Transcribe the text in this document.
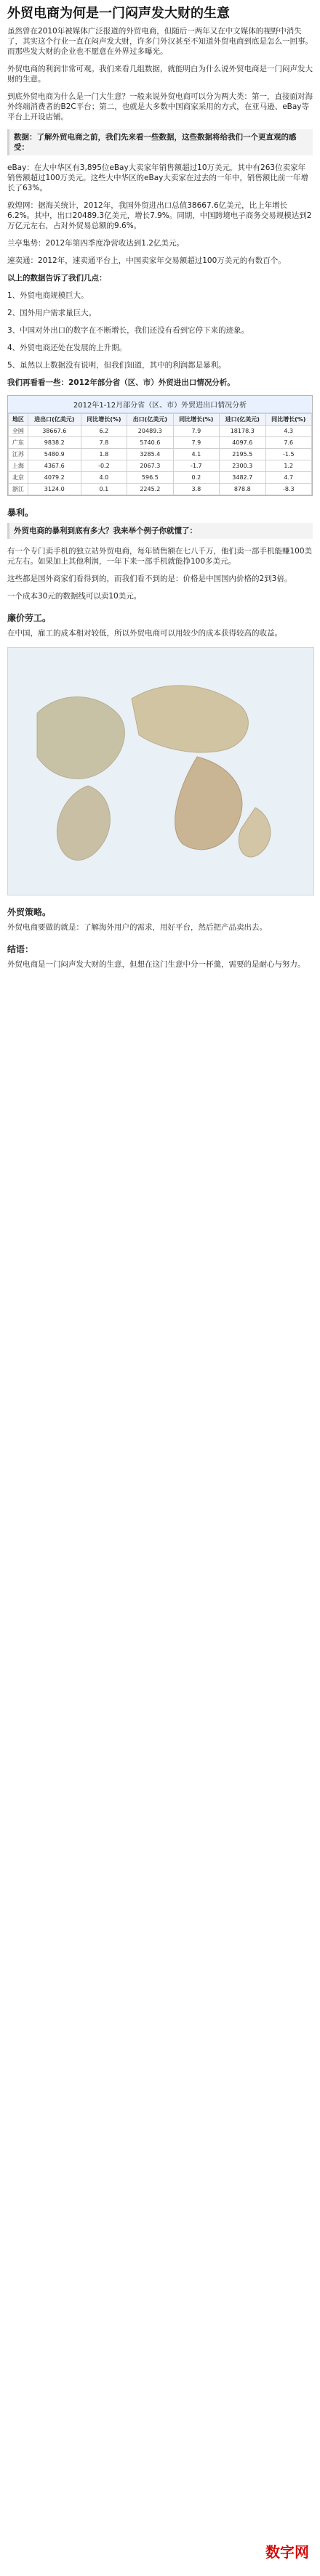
外贸电商为何是一门闷声发大财的生意

虽然曾在2010年被媒体广泛报道的外贸电商，但随后一两年又在中文媒体的视野中消失了，其实这个行业一直在闷声发大财，许多门外汉甚至不知道外贸电商到底是怎么一回事。而那些发大财的企业也不愿意在外界过多曝光。

外贸电商的利润非常可观。我们来看几组数据，就能明白为什么说外贸电商是一门闷声发大财的生意。

到底外贸电商为什么是一门大生意？一般来说外贸电商可以分为两大类：第一，直接面对海外终端消费者的B2C平台；第二，也就是大多数中国商家采用的方式，在亚马逊、eBay等平台上开设店铺。

数据：了解外贸电商之前，我们先来看一些数据，这些数据将给我们一个更直观的感受：

eBay：在大中华区有3,895位eBay大卖家年销售额超过10万美元，其中有263位卖家年销售额超过100万美元。这些大中华区的eBay大卖家在过去的一年中，销售额比前一年增长了63%。

敦煌网：据海关统计，2012年，我国外贸进出口总值38667.6亿美元，比上年增长6.2%。其中，出口20489.3亿美元，增长7.9%。同期，中国跨境电子商务交易规模达到2万亿元左右，占对外贸易总额的9.6%。

兰亭集势：2012年第四季度净营收达到1.2亿美元。

速卖通：2012年，速卖通平台上，中国卖家年交易额超过100万美元的有数百个。

以上的数据告诉了我们几点：

1、外贸电商规模巨大。

2、国外用户需求量巨大。

3、中国对外出口的数字在不断增长，我们还没有看到它停下来的迹象。

4、外贸电商还处在发展的上升期。

5、虽然以上数据没有说明，但我们知道，其中的利润都是暴利。

我们再看看一些：2012年部分省（区、市）外贸进出口情况分析。

2012年1-12月部分省（区、市）外贸进出口情况分析
地区	进出口(亿美元)	同比增长(%)	出口(亿美元)	同比增长(%)	进口(亿美元)	同比增长(%)
全国	38667.6	6.2	20489.3	7.9	18178.3	4.3
广东	9838.2	7.8	5740.6	7.9	4097.6	7.6
江苏	5480.9	1.8	3285.4	4.1	2195.5	-1.5
上海	4367.6	-0.2	2067.3	-1.7	2300.3	1.2
北京	4079.2	4.0	596.5	0.2	3482.7	4.7
浙江	3124.0	0.1	2245.2	3.8	878.8	-8.3
暴利。
外贸电商的暴利到底有多大？我来举个例子你就懂了：

有一个专门卖手机的独立站外贸电商，每年销售额在七八千万，他们卖一部手机能赚100美元左右。如果加上其他利润，一年下来一部手机就能挣100多美元。

这些都是国外商家们看得到的，而我们看不到的是：价格是中国国内价格的2到3倍。

一个成本30元的数据线可以卖10美元。

廉价劳工。

在中国，雇工的成本相对较低，所以外贸电商可以用较少的成本获得较高的收益。

外贸策略。

外贸电商要做的就是：了解海外用户的需求，用好平台，然后把产品卖出去。

结语：

外贸电商是一门闷声发大财的生意，但想在这门生意中分一杯羹，需要的是耐心与努力。

数字网
